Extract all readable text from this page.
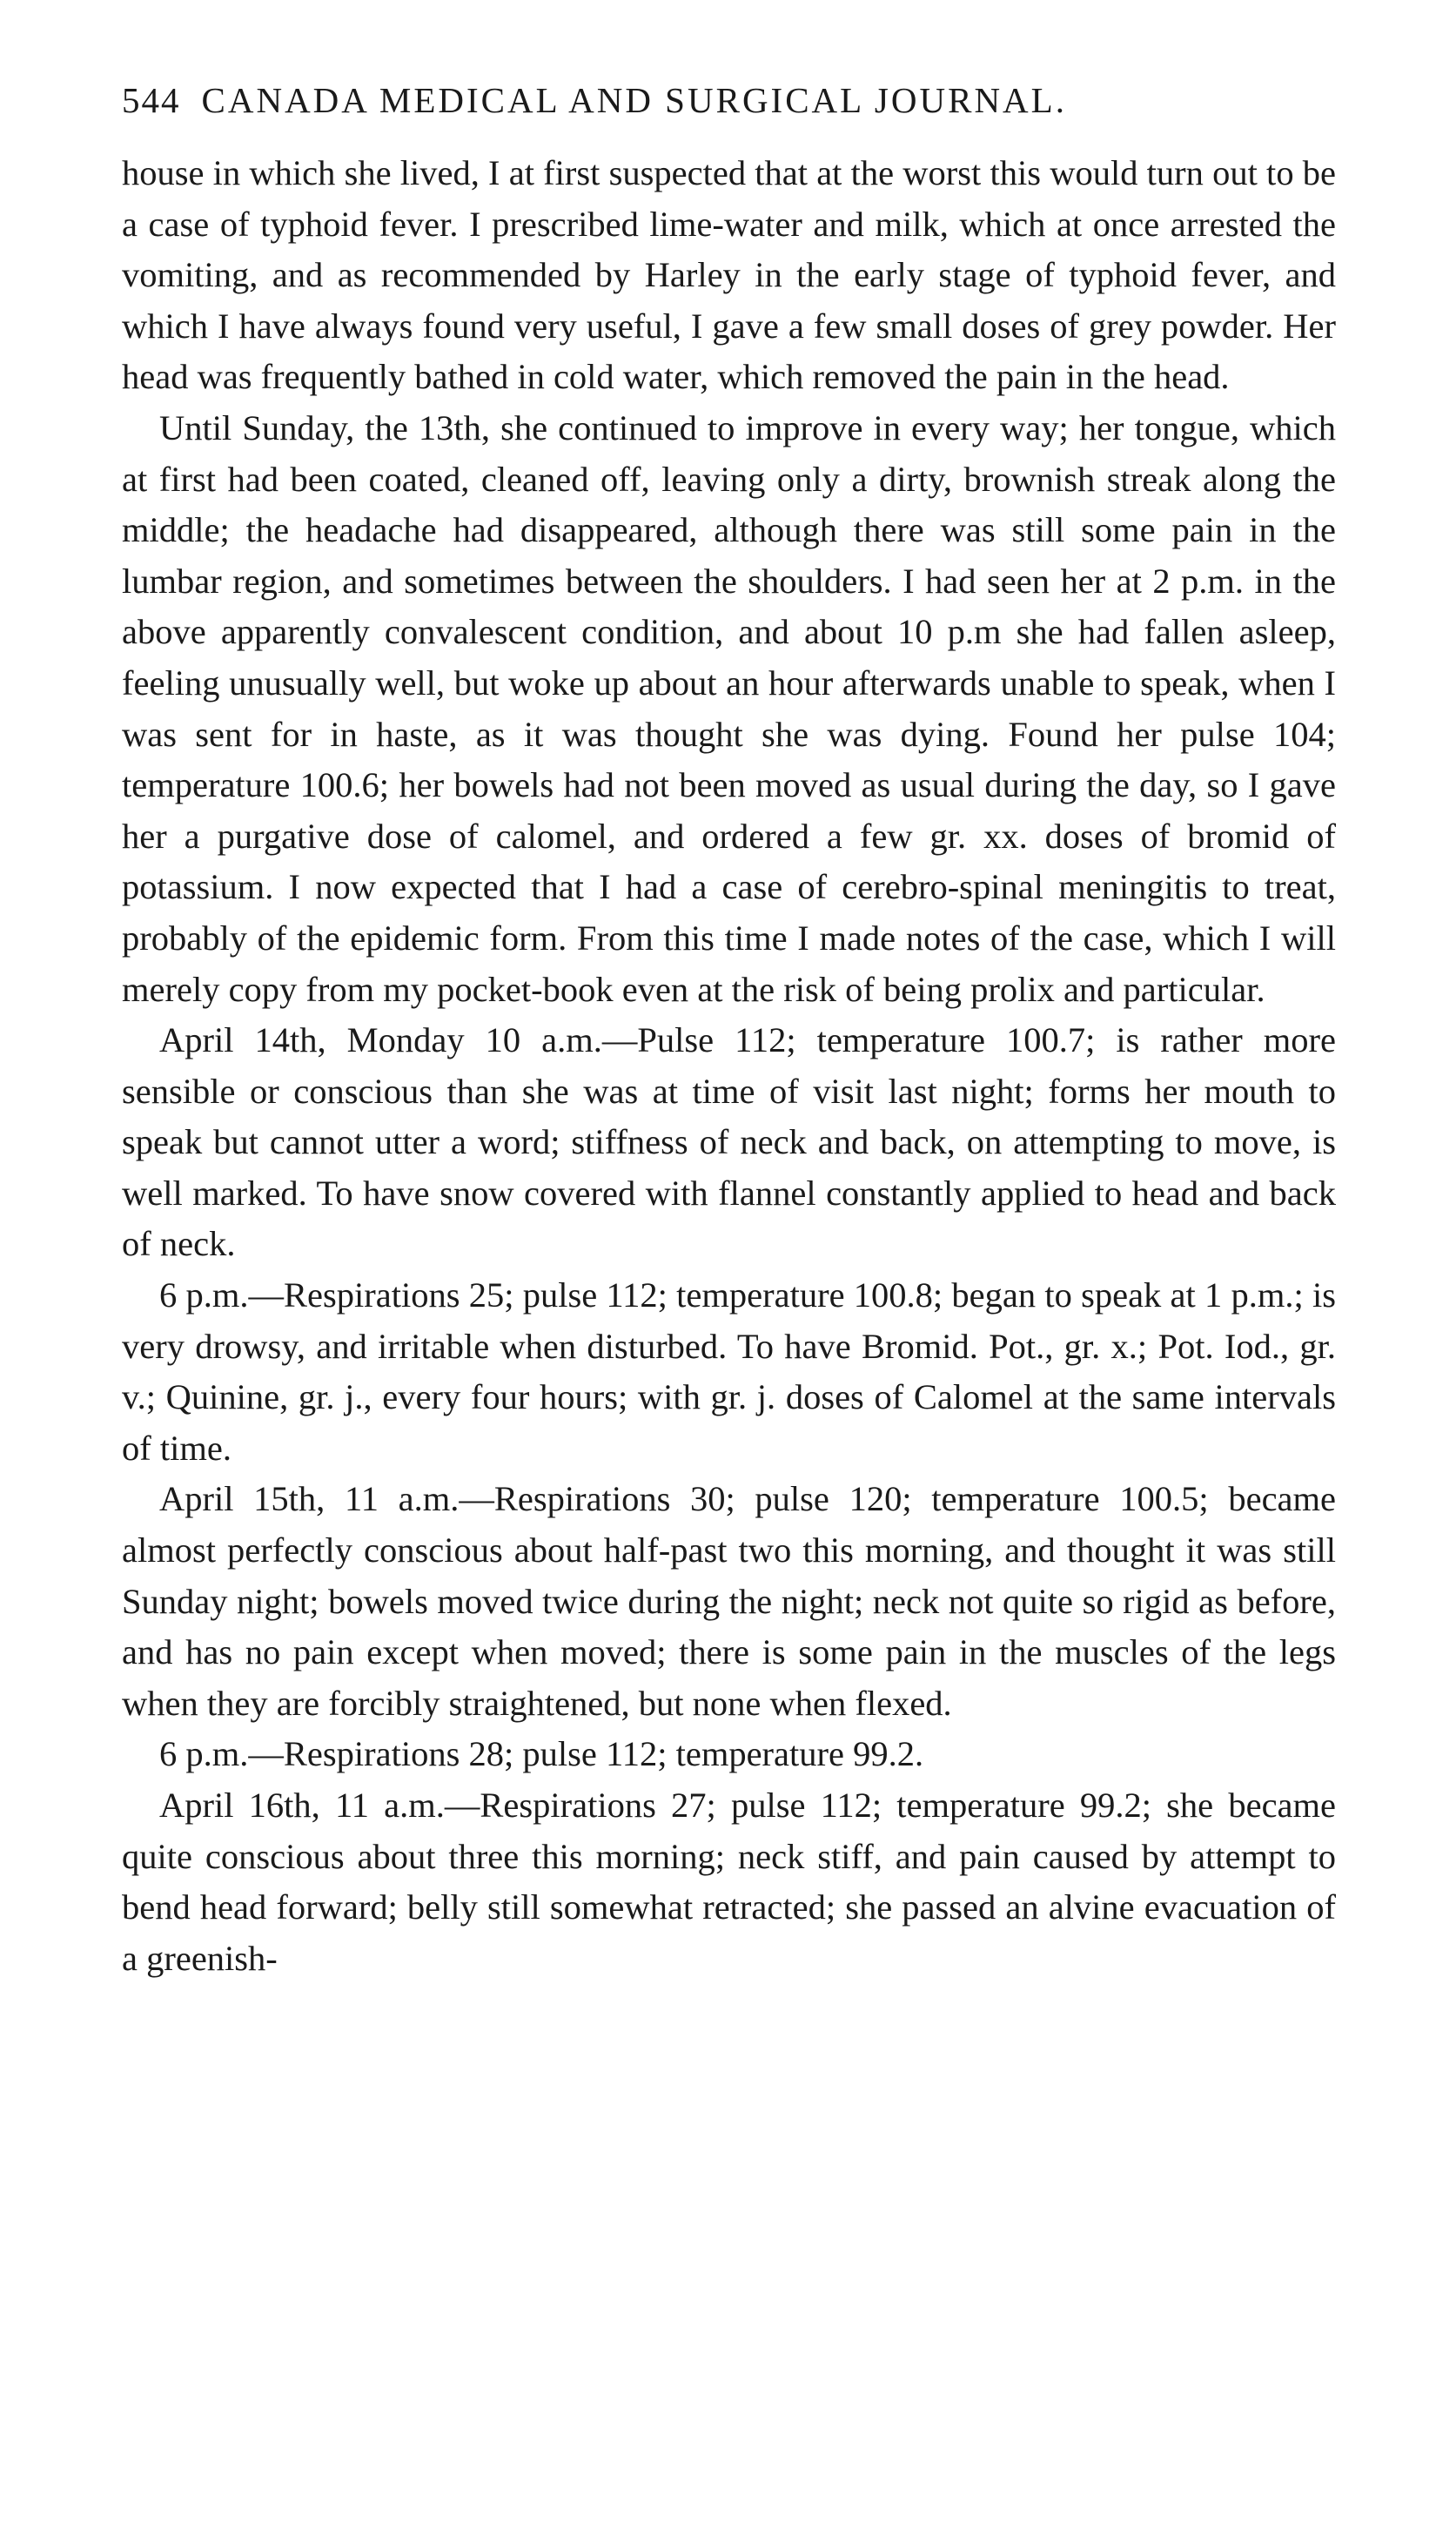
544 CANADA MEDICAL AND SURGICAL JOURNAL.

house in which she lived, I at first suspected that at the worst this would turn out to be a case of typhoid fever. I prescribed lime-water and milk, which at once arrested the vomiting, and as recommended by Harley in the early stage of typhoid fever, and which I have always found very useful, I gave a few small doses of grey powder. Her head was frequently bathed in cold water, which removed the pain in the head.

Until Sunday, the 13th, she continued to improve in every way; her tongue, which at first had been coated, cleaned off, leaving only a dirty, brownish streak along the middle; the headache had disappeared, although there was still some pain in the lumbar region, and sometimes between the shoulders. I had seen her at 2 p.m. in the above apparently convalescent condition, and about 10 p.m she had fallen asleep, feeling unusually well, but woke up about an hour afterwards unable to speak, when I was sent for in haste, as it was thought she was dying. Found her pulse 104; temperature 100.6; her bowels had not been moved as usual during the day, so I gave her a purgative dose of calomel, and ordered a few gr. xx. doses of bromid of potassium. I now expected that I had a case of cerebro-spinal meningitis to treat, probably of the epidemic form. From this time I made notes of the case, which I will merely copy from my pocket-book even at the risk of being prolix and particular.

April 14th, Monday 10 a.m.—Pulse 112; temperature 100.7; is rather more sensible or conscious than she was at time of visit last night; forms her mouth to speak but cannot utter a word; stiffness of neck and back, on attempting to move, is well marked. To have snow covered with flannel constantly applied to head and back of neck.

6 p.m.—Respirations 25; pulse 112; temperature 100.8; began to speak at 1 p.m.; is very drowsy, and irritable when disturbed. To have Bromid. Pot., gr. x.; Pot. Iod., gr. v.; Quinine, gr. j., every four hours; with gr. j. doses of Calomel at the same intervals of time.

April 15th, 11 a.m.—Respirations 30; pulse 120; temperature 100.5; became almost perfectly conscious about half-past two this morning, and thought it was still Sunday night; bowels moved twice during the night; neck not quite so rigid as before, and has no pain except when moved; there is some pain in the muscles of the legs when they are forcibly straightened, but none when flexed.

6 p.m.—Respirations 28; pulse 112; temperature 99.2.

April 16th, 11 a.m.—Respirations 27; pulse 112; temperature 99.2; she became quite conscious about three this morning; neck stiff, and pain caused by attempt to bend head forward; belly still somewhat retracted; she passed an alvine evacuation of a greenish-
